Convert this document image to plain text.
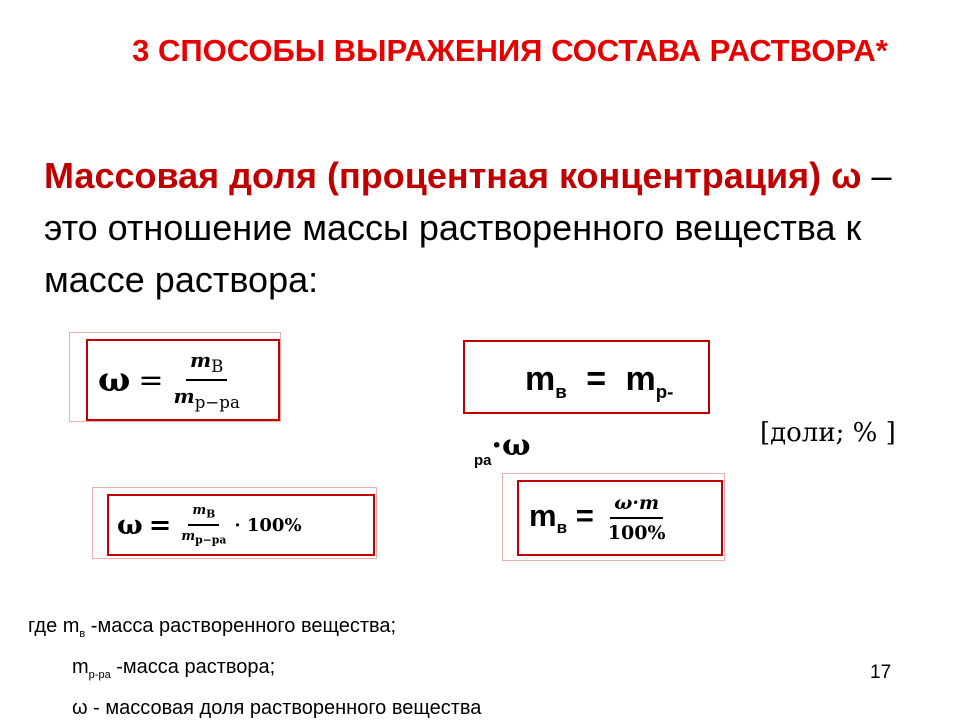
3 СПОСОБЫ ВЫРАЖЕНИЯ СОСТАВА РАСТВОРА*
Массовая доля (процентная концентрация) ω – это отношение массы растворенного вещества к массе раствора:
$\omega = \frac{m_В}{m_{р-ра}}$	$m_в = m_{р-}$
$_{ра}$·ω	[доли; % ]
$\omega = \frac{m_В}{m_{р-ра}} \cdot 100\%$	$m_в = \frac{\omega\cdot m}{100\%}$
где $m_в$ -масса растворенного вещества;
$m_{р-ра}$ -масса раствора;
ω - массовая доля растворенного вещества
17
